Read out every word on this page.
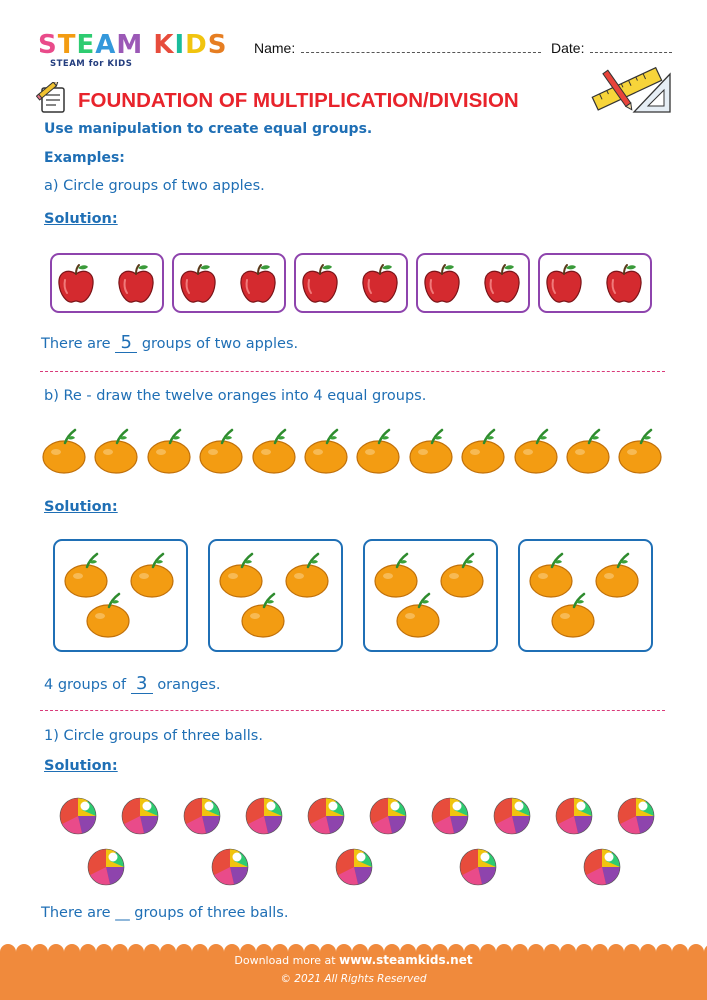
STEAM KIDS
STEAM for KIDS
Name:	Date:
FOUNDATION OF MULTIPLICATION/DIVISION
Use manipulation to create equal groups.
Examples:
a) Circle groups of two apples.
Solution:
There are 5 groups of two apples.
b) Re - draw the twelve oranges into 4 equal groups.
Solution:
4 groups of 3 oranges.
1) Circle groups of three balls.
Solution:
There are __ groups of three balls.
Download more at www.steamkids.net
© 2021 All Rights Reserved
